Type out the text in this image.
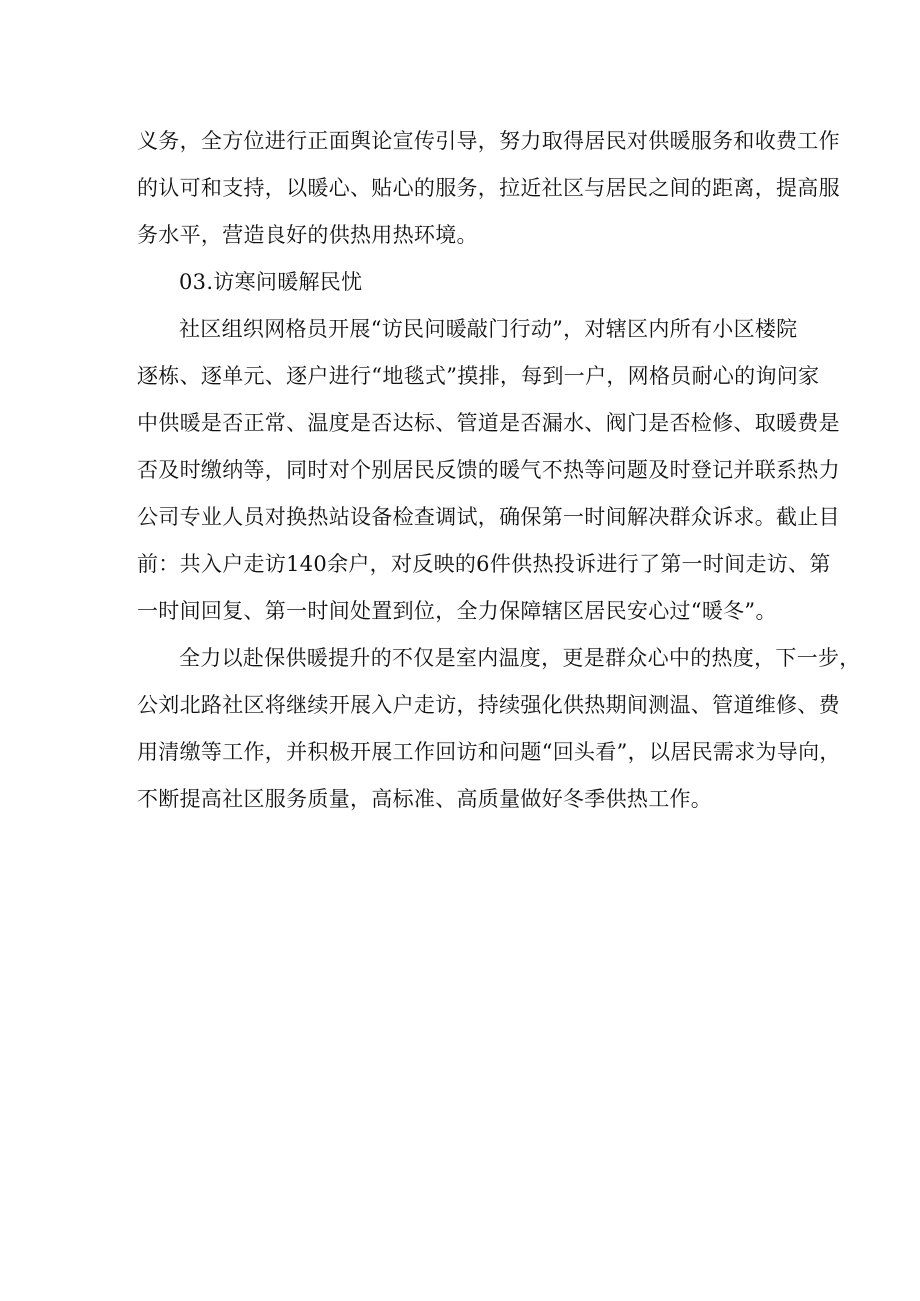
义务，全方位进行正面舆论宣传引导，努力取得居民对供暖服务和收费工作
的认可和支持，以暖心、贴心的服务，拉近社区与居民之间的距离，提高服
务水平，营造良好的供热用热环境。
03.访寒问暖解民忧
社区组织网格员开展“访民问暖敲门行动”，对辖区内所有小区楼院
逐栋、逐单元、逐户进行“地毯式”摸排，每到一户，网格员耐心的询问家
中供暖是否正常、温度是否达标、管道是否漏水、阀门是否检修、取暖费是
否及时缴纳等，同时对个别居民反馈的暖气不热等问题及时登记并联系热力
公司专业人员对换热站设备检查调试，确保第一时间解决群众诉求。截止目
前：共入户走访140余户，对反映的6件供热投诉进行了第一时间走访、第
一时间回复、第一时间处置到位，全力保障辖区居民安心过“暖冬”。
全力以赴保供暖提升的不仅是室内温度，更是群众心中的热度，下一步，
公刘北路社区将继续开展入户走访，持续强化供热期间测温、管道维修、费
用清缴等工作，并积极开展工作回访和问题“回头看”，以居民需求为导向，
不断提高社区服务质量，高标准、高质量做好冬季供热工作。
